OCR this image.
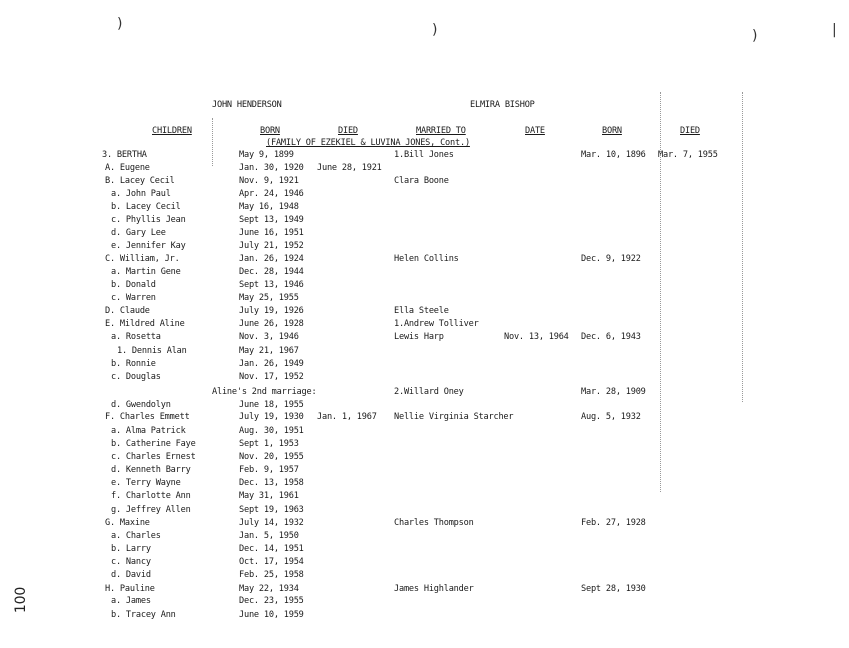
)	)	)	|
JOHN HENDERSON	ELMIRA BISHOP
CHILDREN	BORN	DIED	MARRIED TO	DATE	BORN	DIED
(FAMILY OF EZEKIEL & LUVINA JONES, Cont.)
3. BERTHA	May 9, 1899	1.Bill Jones	Mar. 10, 1896 Mar. 7, 1955
A. Eugene	Jan. 30, 1920 June 28, 1921
B. Lacey Cecil	Nov. 9, 1921	Clara Boone
a. John Paul	Apr. 24, 1946
b. Lacey Cecil	May 16, 1948
c. Phyllis Jean	Sept 13, 1949
d. Gary Lee	June 16, 1951
e. Jennifer Kay	July 21, 1952
C. William, Jr.	Jan. 26, 1924	Helen Collins	Dec. 9, 1922
a. Martin Gene	Dec. 28, 1944
b. Donald	Sept 13, 1946
c. Warren	May 25, 1955
D. Claude	July 19, 1926	Ella Steele
E. Mildred Aline	June 26, 1928	1.Andrew Tolliver
a. Rosetta	Nov. 3, 1946	Lewis Harp	Nov. 13, 1964 Dec. 6, 1943
1. Dennis Alan	May 21, 1967
b. Ronnie	Jan. 26, 1949
c. Douglas	Nov. 17, 1952
Aline's 2nd marriage:	2.Willard Oney	Mar. 28, 1909
d. Gwendolyn	June 18, 1955
F. Charles Emmett	July 19, 1930 Jan. 1, 1967 Nellie Virginia Starcher	Aug. 5, 1932
a. Alma Patrick	Aug. 30, 1951
b. Catherine Faye	Sept 1, 1953
c. Charles Ernest	Nov. 20, 1955
d. Kenneth Barry	Feb. 9, 1957
e. Terry Wayne	Dec. 13, 1958
f. Charlotte Ann	May 31, 1961
g. Jeffrey Allen	Sept 19, 1963
G. Maxine	July 14, 1932	Charles Thompson	Feb. 27, 1928
a. Charles	Jan. 5, 1950
b. Larry	Dec. 14, 1951
c. Nancy	Oct. 17, 1954
d. David	Feb. 25, 1958
H. Pauline	May 22, 1934	James Highlander	Sept 28, 1930
a. James	Dec. 23, 1955
b. Tracey Ann	June 10, 1959
100
